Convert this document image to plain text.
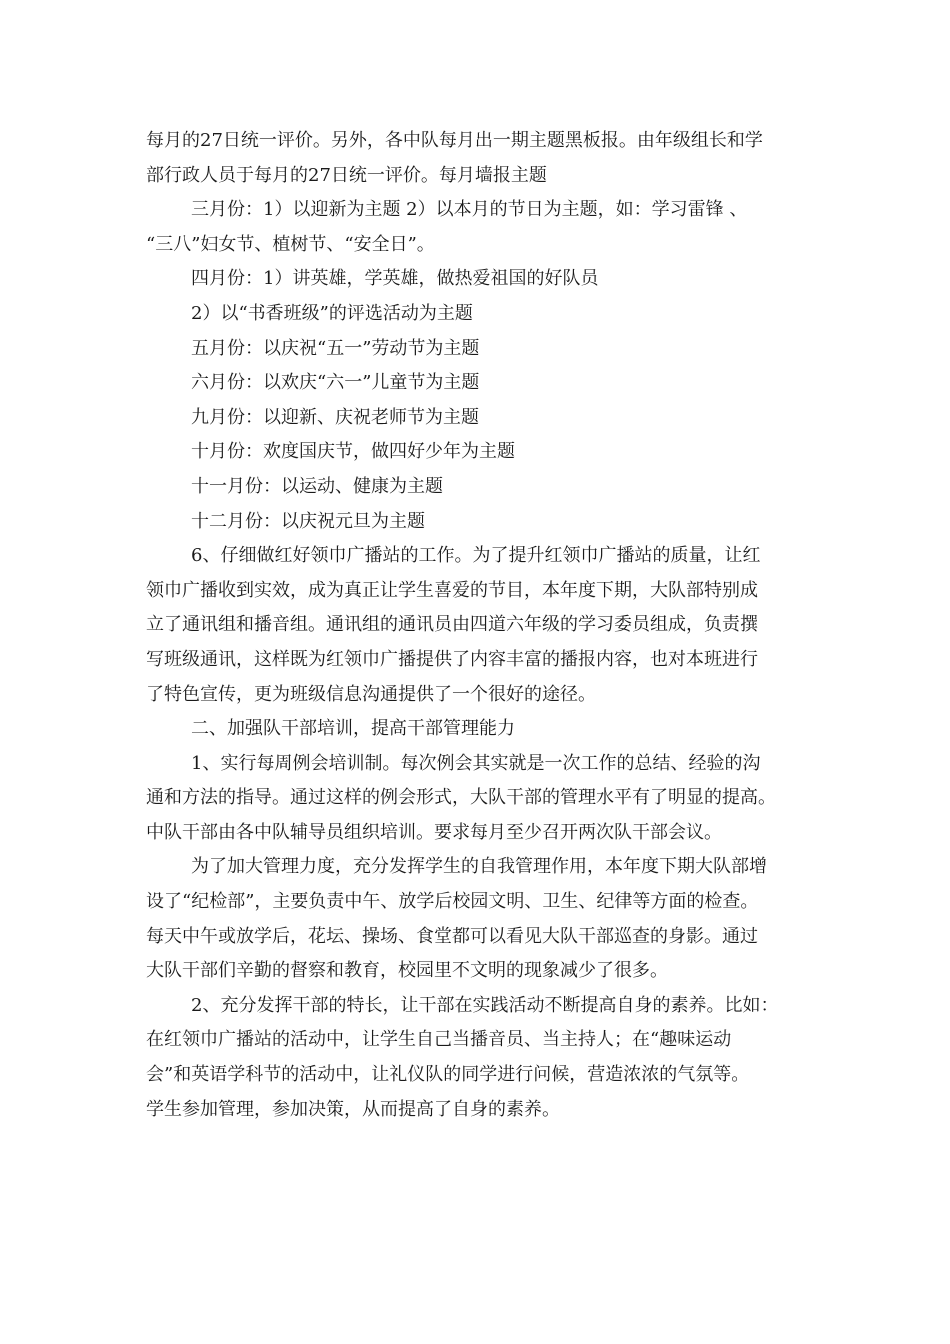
每月的27日统一评价。另外，各中队每月出一期主题黑板报。由年级组长和学
部行政人员于每月的27日统一评价。每月墙报主题
三月份：1）以迎新为主题 2）以本月的节日为主题，如：学习雷锋 、
“三八”妇女节、植树节、“安全日”。
四月份：1）讲英雄，学英雄，做热爱祖国的好队员
2）以“书香班级”的评选活动为主题
五月份：以庆祝“五一”劳动节为主题
六月份：以欢庆“六一”儿童节为主题
九月份：以迎新、庆祝老师节为主题
十月份：欢度国庆节，做四好少年为主题
十一月份：以运动、健康为主题
十二月份：以庆祝元旦为主题
6、仔细做红好领巾广播站的工作。为了提升红领巾广播站的质量，让红
领巾广播收到实效，成为真正让学生喜爱的节目，本年度下期，大队部特别成
立了通讯组和播音组。通讯组的通讯员由四道六年级的学习委员组成，负责撰
写班级通讯，这样既为红领巾广播提供了内容丰富的播报内容，也对本班进行
了特色宣传，更为班级信息沟通提供了一个很好的途径。
二、加强队干部培训，提高干部管理能力
1、实行每周例会培训制。每次例会其实就是一次工作的总结、经验的沟
通和方法的指导。通过这样的例会形式，大队干部的管理水平有了明显的提高。
中队干部由各中队辅导员组织培训。要求每月至少召开两次队干部会议。
为了加大管理力度，充分发挥学生的自我管理作用，本年度下期大队部增
设了“纪检部”，主要负责中午、放学后校园文明、卫生、纪律等方面的检查。
每天中午或放学后，花坛、操场、食堂都可以看见大队干部巡查的身影。通过
大队干部们辛勤的督察和教育，校园里不文明的现象减少了很多。
2、充分发挥干部的特长，让干部在实践活动不断提高自身的素养。比如：
在红领巾广播站的活动中，让学生自己当播音员、当主持人；在“趣味运动
会”和英语学科节的活动中，让礼仪队的同学进行问候，营造浓浓的气氛等。
学生参加管理，参加决策，从而提高了自身的素养。
